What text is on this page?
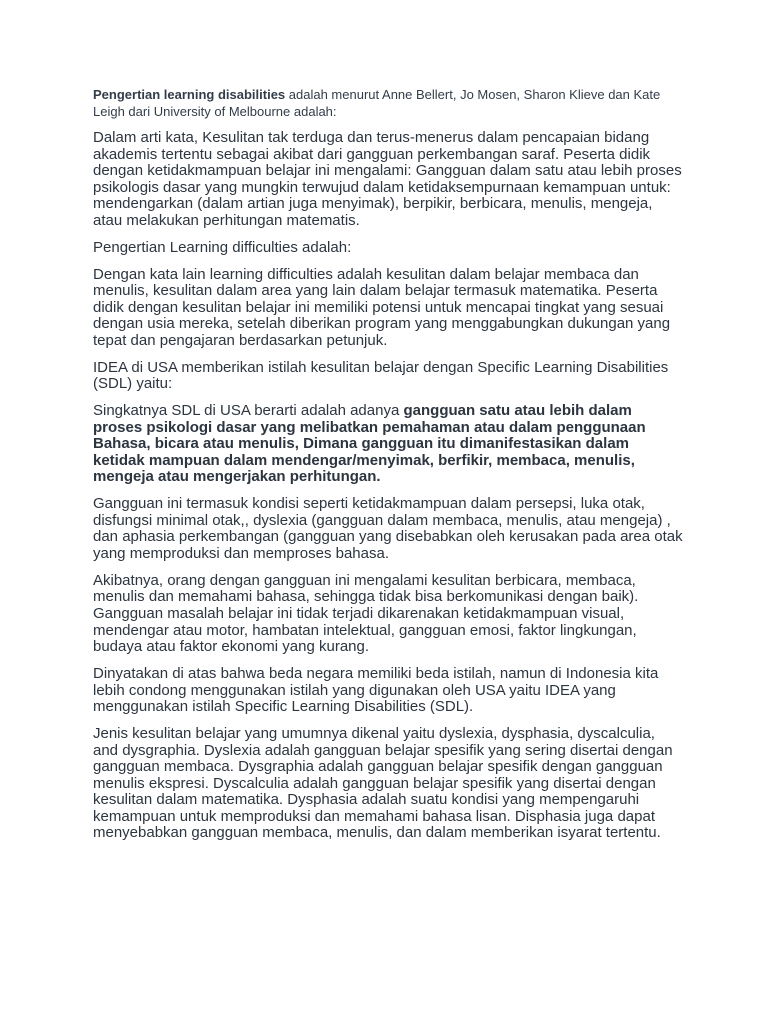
Pengertian learning disabilities adalah menurut Anne Bellert, Jo Mosen, Sharon Klieve dan Kate Leigh dari University of Melbourne adalah:

Dalam arti kata, Kesulitan tak terduga dan terus-menerus dalam pencapaian bidang akademis tertentu sebagai akibat dari gangguan perkembangan saraf. Peserta didik dengan ketidakmampuan belajar ini mengalami: Gangguan dalam satu atau lebih proses psikologis dasar yang mungkin terwujud dalam ketidaksempurnaan kemampuan untuk: mendengarkan (dalam artian juga menyimak), berpikir, berbicara, menulis, mengeja, atau melakukan perhitungan matematis.

Pengertian Learning difficulties adalah:

Dengan kata lain learning difficulties adalah kesulitan dalam belajar membaca dan menulis, kesulitan dalam area yang lain dalam belajar termasuk matematika. Peserta didik dengan kesulitan belajar ini memiliki potensi untuk mencapai tingkat yang sesuai dengan usia mereka, setelah diberikan program yang menggabungkan dukungan yang tepat dan pengajaran berdasarkan petunjuk.

IDEA di USA memberikan istilah kesulitan belajar dengan Specific Learning Disabilities (SDL) yaitu:

Singkatnya SDL di USA berarti adalah adanya gangguan satu atau lebih dalam proses psikologi dasar yang melibatkan pemahaman atau dalam penggunaan Bahasa, bicara atau menulis, Dimana gangguan itu dimanifestasikan dalam ketidak mampuan dalam mendengar/menyimak, berfikir, membaca, menulis, mengeja atau mengerjakan perhitungan.

Gangguan ini termasuk kondisi seperti ketidakmampuan dalam persepsi, luka otak, disfungsi minimal otak,, dyslexia (gangguan dalam membaca, menulis, atau mengeja) , dan aphasia perkembangan (gangguan yang disebabkan oleh kerusakan pada area otak yang memproduksi dan memproses bahasa.

Akibatnya, orang dengan gangguan ini mengalami kesulitan berbicara, membaca, menulis dan memahami bahasa, sehingga tidak bisa berkomunikasi dengan baik). Gangguan masalah belajar ini tidak terjadi dikarenakan ketidakmampuan visual, mendengar atau motor, hambatan intelektual, gangguan emosi, faktor lingkungan, budaya atau faktor ekonomi yang kurang.

Dinyatakan di atas bahwa beda negara memiliki beda istilah, namun di Indonesia kita lebih condong menggunakan istilah yang digunakan oleh USA yaitu IDEA yang menggunakan istilah Specific Learning Disabilities (SDL).

Jenis kesulitan belajar yang umumnya dikenal yaitu dyslexia, dysphasia, dyscalculia, and dysgraphia. Dyslexia adalah gangguan belajar spesifik yang sering disertai dengan gangguan membaca. Dysgraphia adalah gangguan belajar spesifik dengan gangguan menulis ekspresi. Dyscalculia adalah gangguan belajar spesifik yang disertai dengan kesulitan dalam matematika. Dysphasia adalah suatu kondisi yang mempengaruhi kemampuan untuk memproduksi dan memahami bahasa lisan. Disphasia juga dapat menyebabkan gangguan membaca, menulis, dan dalam memberikan isyarat tertentu.
